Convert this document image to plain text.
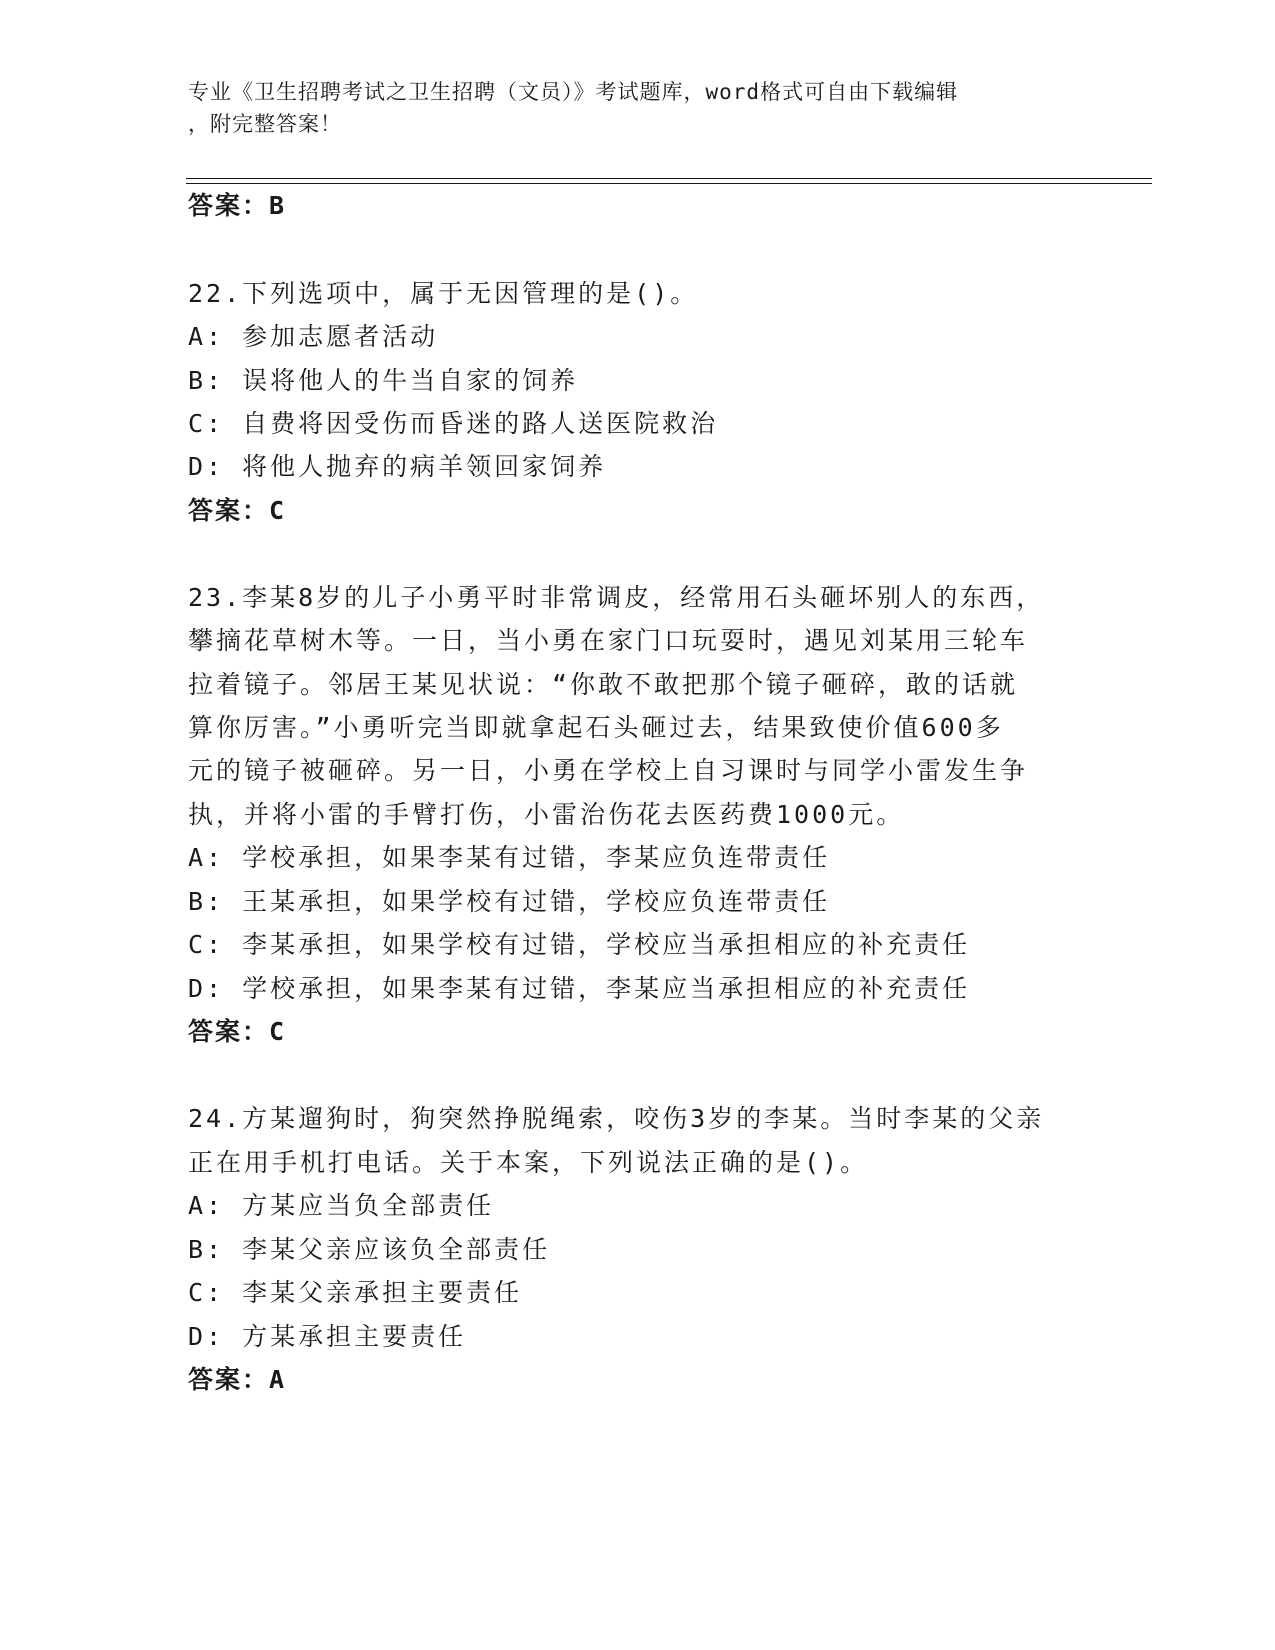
专业《卫生招聘考试之卫生招聘（文员）》考试题库，word格式可自由下载编辑
，附完整答案！
答案：B
22.下列选项中，属于无因管理的是()。
A: 参加志愿者活动
B: 误将他人的牛当自家的饲养
C: 自费将因受伤而昏迷的路人送医院救治
D: 将他人抛弃的病羊领回家饲养
答案：C
23.李某8岁的儿子小勇平时非常调皮，经常用石头砸坏别人的东西，
攀摘花草树木等。一日，当小勇在家门口玩耍时，遇见刘某用三轮车
拉着镜子。邻居王某见状说：“你敢不敢把那个镜子砸碎，敢的话就
算你厉害。”小勇听完当即就拿起石头砸过去，结果致使价值600多
元的镜子被砸碎。另一日，小勇在学校上自习课时与同学小雷发生争
执，并将小雷的手臂打伤，小雷治伤花去医药费1000元。
A: 学校承担，如果李某有过错，李某应负连带责任
B: 王某承担，如果学校有过错，学校应负连带责任
C: 李某承担，如果学校有过错，学校应当承担相应的补充责任
D: 学校承担，如果李某有过错，李某应当承担相应的补充责任
答案：C
24.方某遛狗时，狗突然挣脱绳索，咬伤3岁的李某。当时李某的父亲
正在用手机打电话。关于本案，下列说法正确的是()。
A: 方某应当负全部责任
B: 李某父亲应该负全部责任
C: 李某父亲承担主要责任
D: 方某承担主要责任
答案：A
